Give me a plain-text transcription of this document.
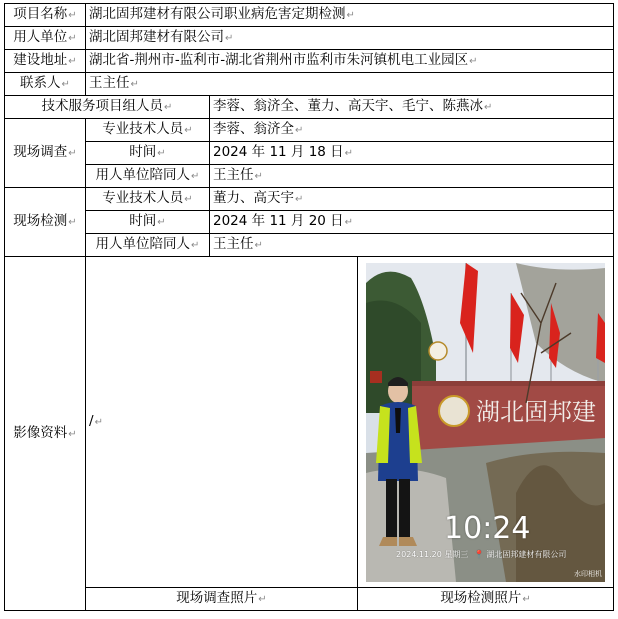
项目名称↵	湖北固邦建材有限公司职业病危害定期检测↵		
用人单位↵	湖北固邦建材有限公司↵		
建设地址↵	湖北省-荆州市-监利市-湖北省荆州市监利市朱河镇机电工业园区↵		
联系人↵	王主任↵		
技术服务项目组人员↵		李蓉、翁济全、董力、高天宇、毛宁、陈燕冰↵	
现场调查↵	专业技术人员↵	李蓉、翁济全↵	
	时间↵	2024 年 11 月 18 日↵	
	用人单位陪同人↵	王主任↵	
现场检测↵	专业技术人员↵	董力、高天宇↵	
	时间↵	2024 年 11 月 20 日↵	
	用人单位陪同人↵	王主任↵	
影像资料↵	/↵		湖北固邦建
10:24
2024.11.20 星期三 📍 湖北固邦建材有限公司
水印相机

	现场调查照片↵		现场检测照片↵
